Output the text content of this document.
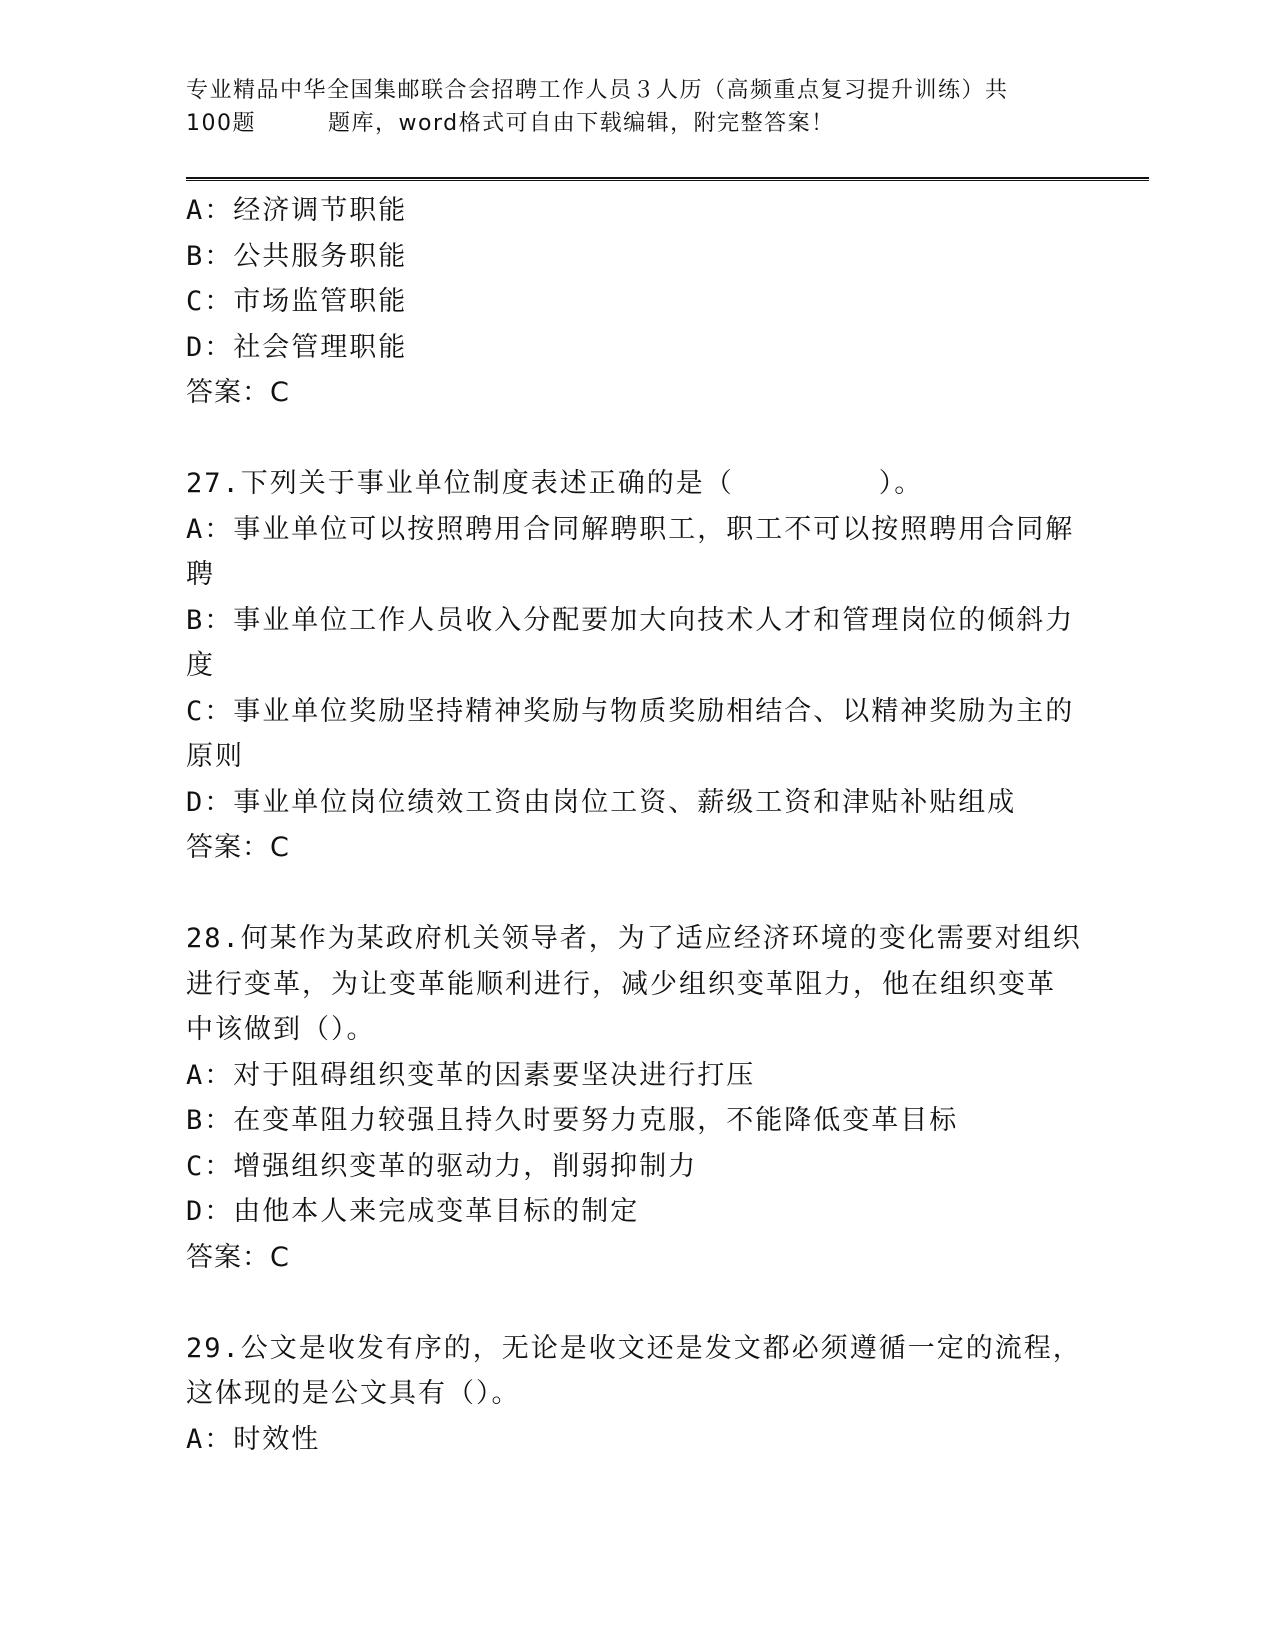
专业精品中华全国集邮联合会招聘工作人员３人历（高频重点复习提升训练）共
100题	题库，word格式可自由下载编辑，附完整答案！
A：经济调节职能
B：公共服务职能
C：市场监管职能
D：社会管理职能
答案：C
27.下列关于事业单位制度表述正确的是（　　　　　）。
A：事业单位可以按照聘用合同解聘职工，职工不可以按照聘用合同解
聘
B：事业单位工作人员收入分配要加大向技术人才和管理岗位的倾斜力
度
C：事业单位奖励坚持精神奖励与物质奖励相结合、以精神奖励为主的
原则
D：事业单位岗位绩效工资由岗位工资、薪级工资和津贴补贴组成
答案：C
28.何某作为某政府机关领导者，为了适应经济环境的变化需要对组织
进行变革，为让变革能顺利进行，减少组织变革阻力，他在组织变革
中该做到（）。
A：对于阻碍组织变革的因素要坚决进行打压
B：在变革阻力较强且持久时要努力克服，不能降低变革目标
C：增强组织变革的驱动力，削弱抑制力
D：由他本人来完成变革目标的制定
答案：C
29.公文是收发有序的，无论是收文还是发文都必须遵循一定的流程，
这体现的是公文具有（）。
A：时效性
